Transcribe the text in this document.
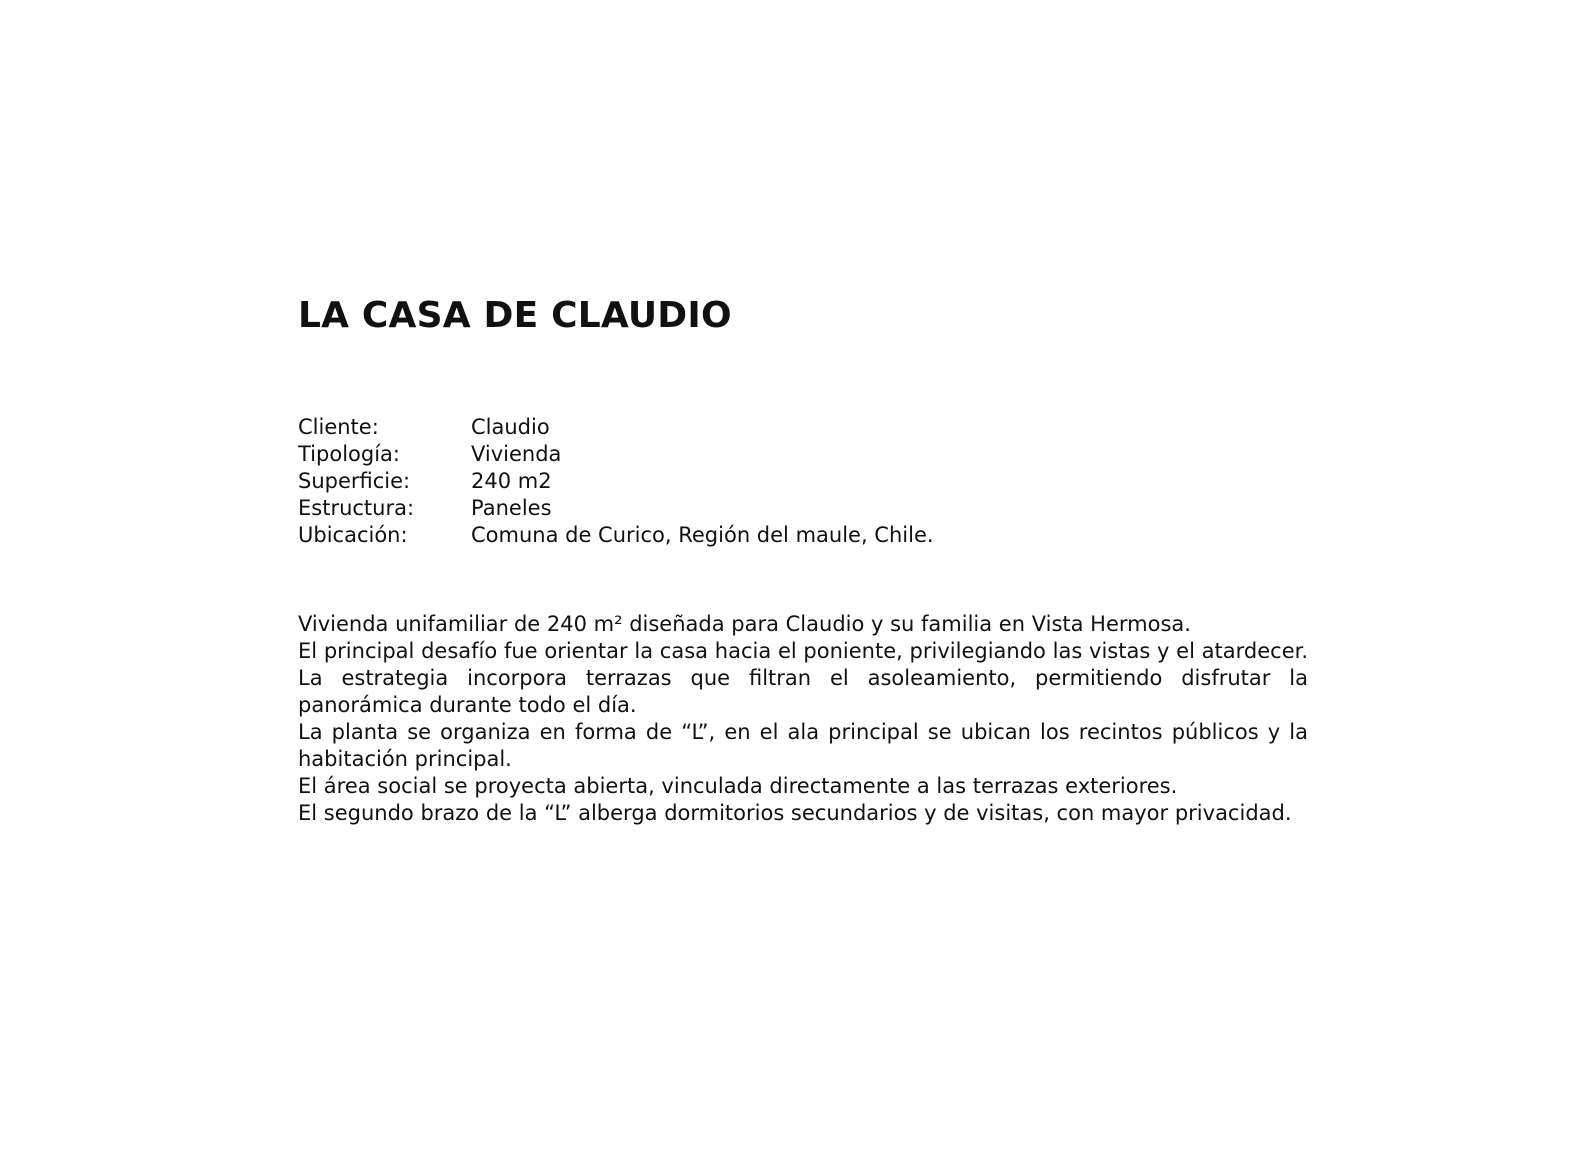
LA CASA DE CLAUDIO
Cliente:	Claudio
Tipología:	Vivienda
Superficie:	240 m2
Estructura:	Paneles
Ubicación:	Comuna de Curico, Región del maule, Chile.

Vivienda unifamiliar de 240 m² diseñada para Claudio y su familia en Vista Hermosa.

El principal desafío fue orientar la casa hacia el poniente, privilegiando las vistas y el atardecer. La estrategia incorpora terrazas que filtran el asoleamiento, permitiendo disfrutar la panorámica durante todo el día.

La planta se organiza en forma de “L”, en el ala principal se ubican los recintos públicos y la habitación principal.

El área social se proyecta abierta, vinculada directamente a las terrazas exteriores.

El segundo brazo de la “L” alberga dormitorios secundarios y de visitas, con mayor privacidad.
